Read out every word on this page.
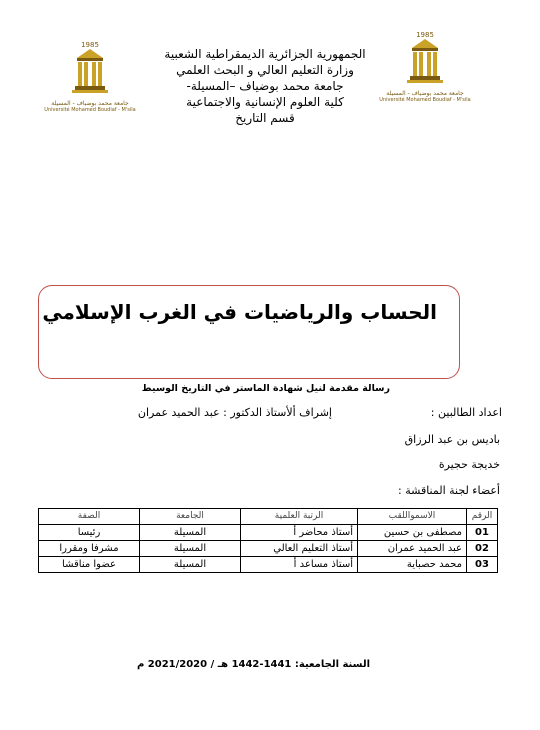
1985
جامعة محمد بوضياف - المسيلة
Université Mohamed Boudiaf - M'sila
1985
جامعة محمد بوضياف - المسيلة
Université Mohamed Boudiaf - M'sila
الجمهورية الجزائرية الديمقراطية الشعبية
وزارة التعليم العالي و البحث العلمي
جامعة محمد بوضياف –المسيلة-
كلية العلوم الإنسانية والاجتماعية
قسم التاريخ
الحساب والرياضيات في الغرب الإسلامي
رسالة مقدمة لنيل شهادة الماستر في التاريخ الوسيط
اعداد الطالبين :
إشراف ألأستاذ الدكتور : عبد الحميد عمران
باديس بن عبد الرزاق
خديجة حجيرة
أعضاء لجنة المناقشة :
الرقم	الاسمواللقب	الرتبة العلمية	الجامعة	الصفة
01	مصطفى بن حسين	أستاذ محاضر أ	المسيلة	رئيسا
02	عبد الحميد عمران	أستاذ التعليم العالي	المسيلة	مشرفا ومقررا
03	محمد حصباية	أستاذ مساعد أ	المسيلة	عضوا مناقشا
السنة الجامعية: 1441-1442 هـ / 2021/2020 م
